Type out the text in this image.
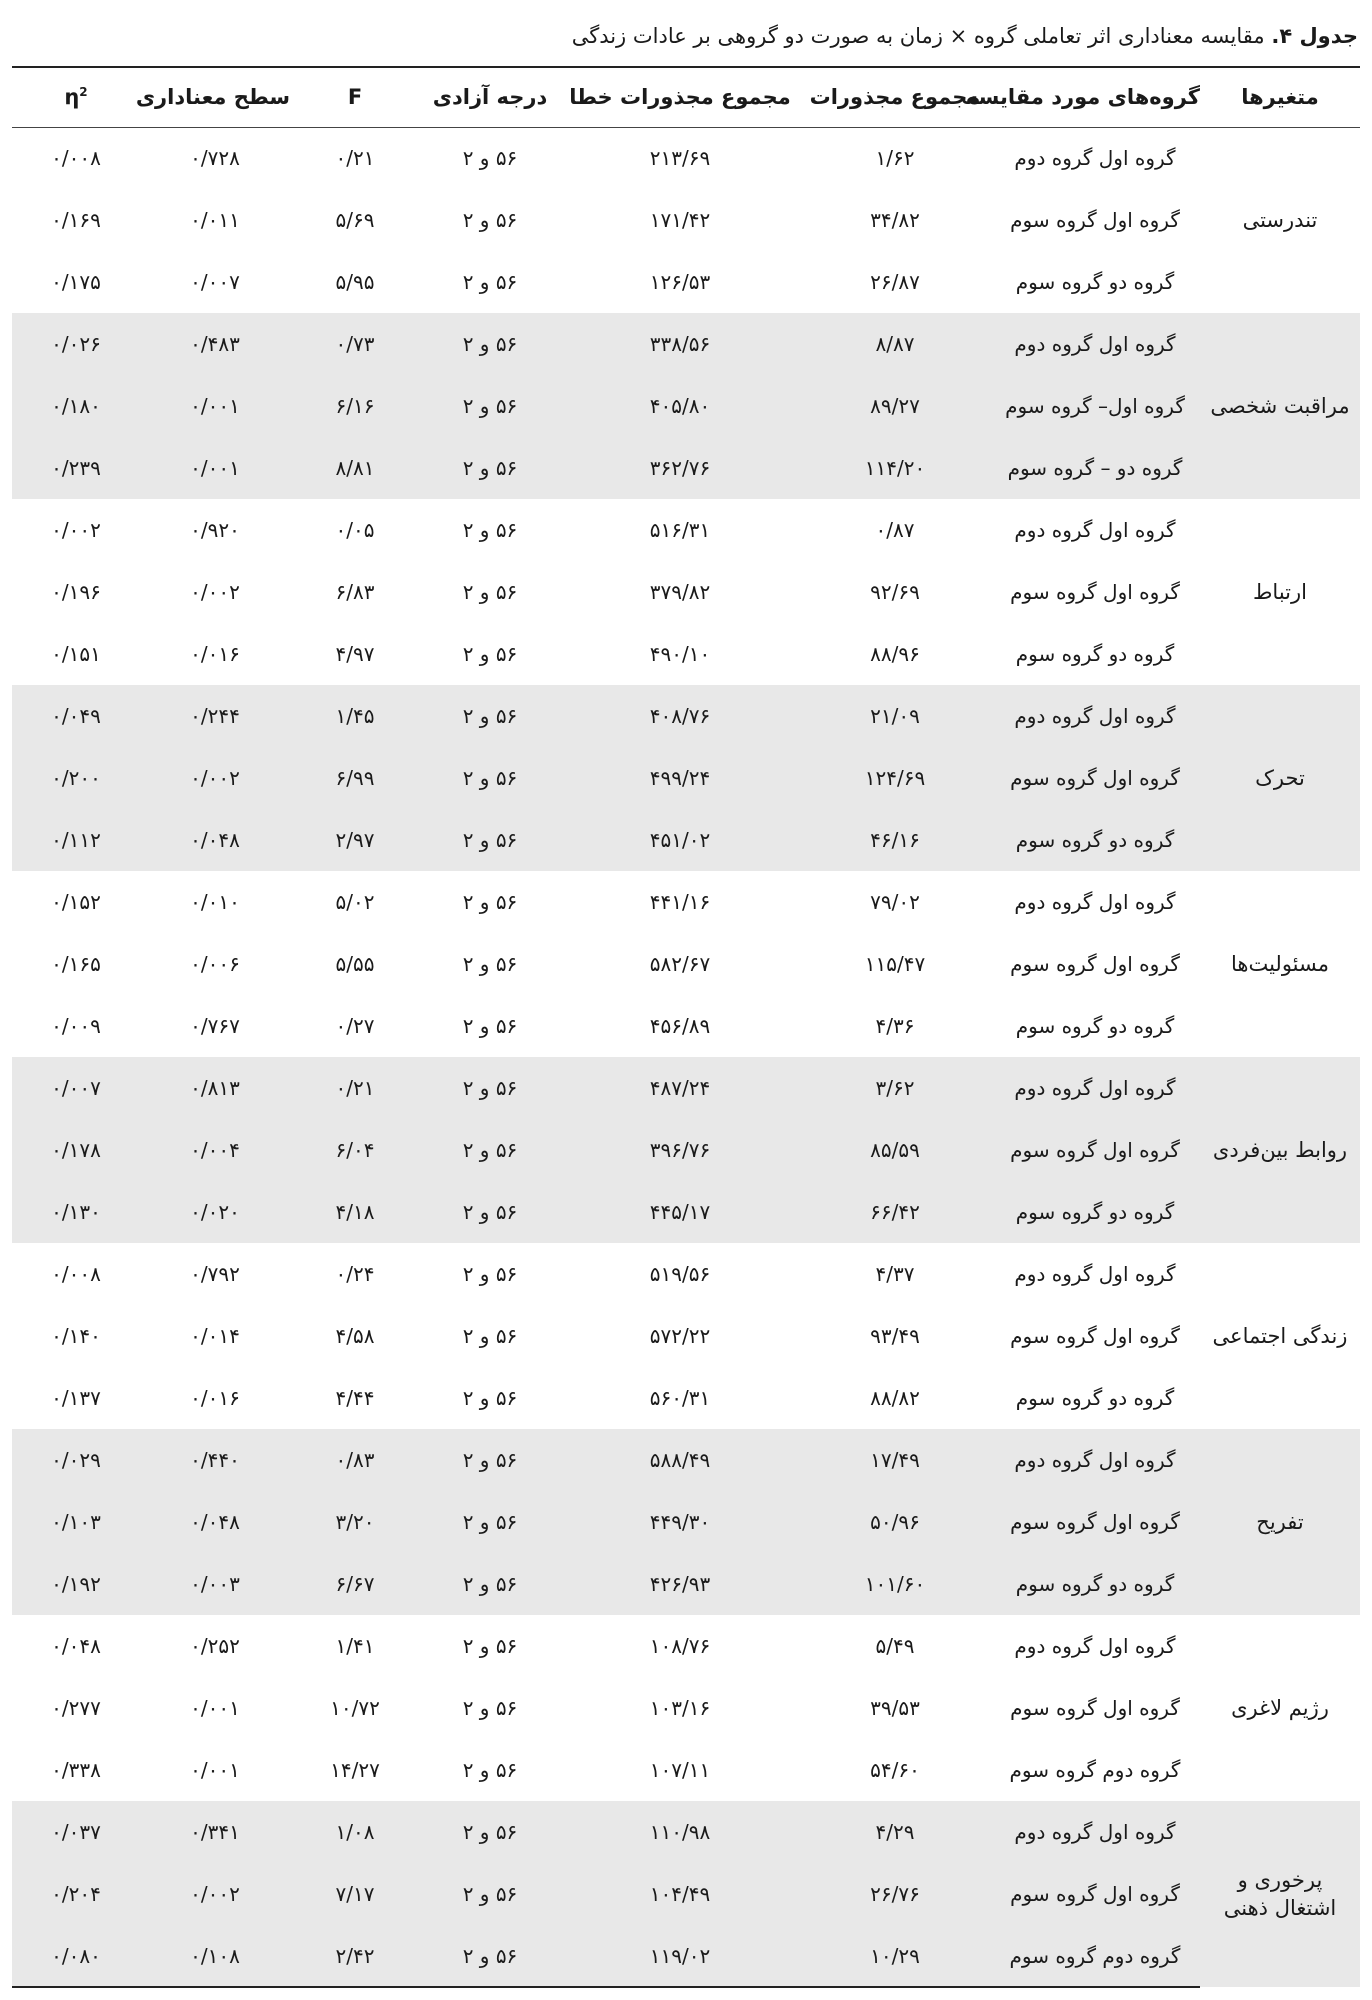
جدول ۴. مقایسه معناداری اثر تعاملی گروه × زمان به صورت دو گروهی بر عادات زندگی
متغیرها	گروه‌های مورد مقایسه	مجموع مجذورات	مجموع مجذورات خطا	درجه آزادی	F	سطح معناداری	$\eta^2$
تندرستی	گروه اول گروه دوم	۱/۶۲	۲۱۳/۶۹	۵۶ و ۲	۰/۲۱	۰/۷۲۸	۰/۰۰۸
	گروه اول گروه سوم	۳۴/۸۲	۱۷۱/۴۲	۵۶ و ۲	۵/۶۹	۰/۰۱۱	۰/۱۶۹
	گروه دو گروه سوم	۲۶/۸۷	۱۲۶/۵۳	۵۶ و ۲	۵/۹۵	۰/۰۰۷	۰/۱۷۵
مراقبت شخصی	گروه اول گروه دوم	۸/۸۷	۳۳۸/۵۶	۵۶ و ۲	۰/۷۳	۰/۴۸۳	۰/۰۲۶
	گروه اول– گروه سوم	۸۹/۲۷	۴۰۵/۸۰	۵۶ و ۲	۶/۱۶	۰/۰۰۱	۰/۱۸۰
	گروه دو – گروه سوم	۱۱۴/۲۰	۳۶۲/۷۶	۵۶ و ۲	۸/۸۱	۰/۰۰۱	۰/۲۳۹
ارتباط	گروه اول گروه دوم	۰/۸۷	۵۱۶/۳۱	۵۶ و ۲	۰/۰۵	۰/۹۲۰	۰/۰۰۲
	گروه اول گروه سوم	۹۲/۶۹	۳۷۹/۸۲	۵۶ و ۲	۶/۸۳	۰/۰۰۲	۰/۱۹۶
	گروه دو گروه سوم	۸۸/۹۶	۴۹۰/۱۰	۵۶ و ۲	۴/۹۷	۰/۰۱۶	۰/۱۵۱
تحرک	گروه اول گروه دوم	۲۱/۰۹	۴۰۸/۷۶	۵۶ و ۲	۱/۴۵	۰/۲۴۴	۰/۰۴۹
	گروه اول گروه سوم	۱۲۴/۶۹	۴۹۹/۲۴	۵۶ و ۲	۶/۹۹	۰/۰۰۲	۰/۲۰۰
	گروه دو گروه سوم	۴۶/۱۶	۴۵۱/۰۲	۵۶ و ۲	۲/۹۷	۰/۰۴۸	۰/۱۱۲
مسئولیت‌ها	گروه اول گروه دوم	۷۹/۰۲	۴۴۱/۱۶	۵۶ و ۲	۵/۰۲	۰/۰۱۰	۰/۱۵۲
	گروه اول گروه سوم	۱۱۵/۴۷	۵۸۲/۶۷	۵۶ و ۲	۵/۵۵	۰/۰۰۶	۰/۱۶۵
	گروه دو گروه سوم	۴/۳۶	۴۵۶/۸۹	۵۶ و ۲	۰/۲۷	۰/۷۶۷	۰/۰۰۹
روابط بین‌فردی	گروه اول گروه دوم	۳/۶۲	۴۸۷/۲۴	۵۶ و ۲	۰/۲۱	۰/۸۱۳	۰/۰۰۷
	گروه اول گروه سوم	۸۵/۵۹	۳۹۶/۷۶	۵۶ و ۲	۶/۰۴	۰/۰۰۴	۰/۱۷۸
	گروه دو گروه سوم	۶۶/۴۲	۴۴۵/۱۷	۵۶ و ۲	۴/۱۸	۰/۰۲۰	۰/۱۳۰
زندگی اجتماعی	گروه اول گروه دوم	۴/۳۷	۵۱۹/۵۶	۵۶ و ۲	۰/۲۴	۰/۷۹۲	۰/۰۰۸
	گروه اول گروه سوم	۹۳/۴۹	۵۷۲/۲۲	۵۶ و ۲	۴/۵۸	۰/۰۱۴	۰/۱۴۰
	گروه دو گروه سوم	۸۸/۸۲	۵۶۰/۳۱	۵۶ و ۲	۴/۴۴	۰/۰۱۶	۰/۱۳۷
تفریح	گروه اول گروه دوم	۱۷/۴۹	۵۸۸/۴۹	۵۶ و ۲	۰/۸۳	۰/۴۴۰	۰/۰۲۹
	گروه اول گروه سوم	۵۰/۹۶	۴۴۹/۳۰	۵۶ و ۲	۳/۲۰	۰/۰۴۸	۰/۱۰۳
	گروه دو گروه سوم	۱۰۱/۶۰	۴۲۶/۹۳	۵۶ و ۲	۶/۶۷	۰/۰۰۳	۰/۱۹۲
رژیم لاغری	گروه اول گروه دوم	۵/۴۹	۱۰۸/۷۶	۵۶ و ۲	۱/۴۱	۰/۲۵۲	۰/۰۴۸
	گروه اول گروه سوم	۳۹/۵۳	۱۰۳/۱۶	۵۶ و ۲	۱۰/۷۲	۰/۰۰۱	۰/۲۷۷
	گروه دوم گروه سوم	۵۴/۶۰	۱۰۷/۱۱	۵۶ و ۲	۱۴/۲۷	۰/۰۰۱	۰/۳۳۸
پرخوری و
اشتغال ذهنی	گروه اول گروه دوم	۴/۲۹	۱۱۰/۹۸	۵۶ و ۲	۱/۰۸	۰/۳۴۱	۰/۰۳۷
	گروه اول گروه سوم	۲۶/۷۶	۱۰۴/۴۹	۵۶ و ۲	۷/۱۷	۰/۰۰۲	۰/۲۰۴
	گروه دوم گروه سوم	۱۰/۲۹	۱۱۹/۰۲	۵۶ و ۲	۲/۴۲	۰/۱۰۸	۰/۰۸۰
